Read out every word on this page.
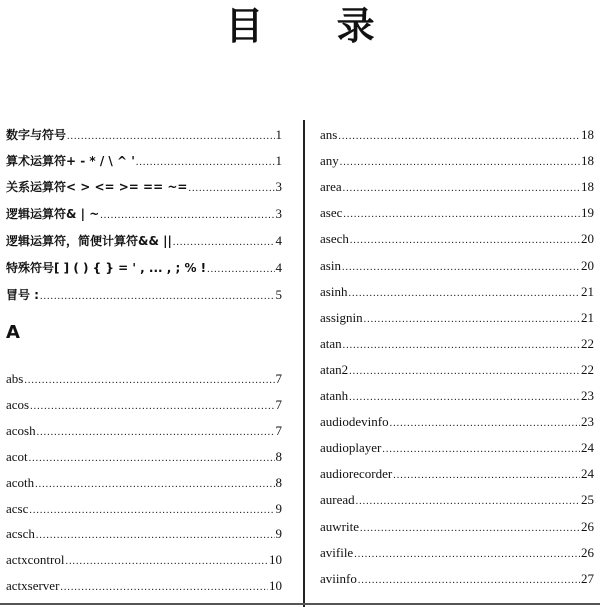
目 录
数字与符号 .....	1
算术运算符+ - * / \ ^ ' .....	1
关系运算符< > <= >= == ~= .....	3
逻辑运算符& | ~ .....	3
逻辑运算符，简便计算符&& || .....	4
特殊符号[ ] ( ) { } = ' , ... , ; % ! .....	4
冒号 : .....	5
abs .....	7
acos .....	7
acosh .....	7
acot .....	8
acoth .....	8
acsc .....	9
acsch .....	9
actxcontrol .....	10
actxserver .....	10
A
ans .....	18
any .....	18
area .....	18
asec .....	19
asech .....	20
asin .....	20
asinh .....	21
assignin .....	21
atan .....	22
atan2 .....	22
atanh .....	23
audiodevinfo .....	23
audioplayer .....	24
audiorecorder .....	24
auread .....	25
auwrite .....	26
avifile .....	26
aviinfo .....	27
